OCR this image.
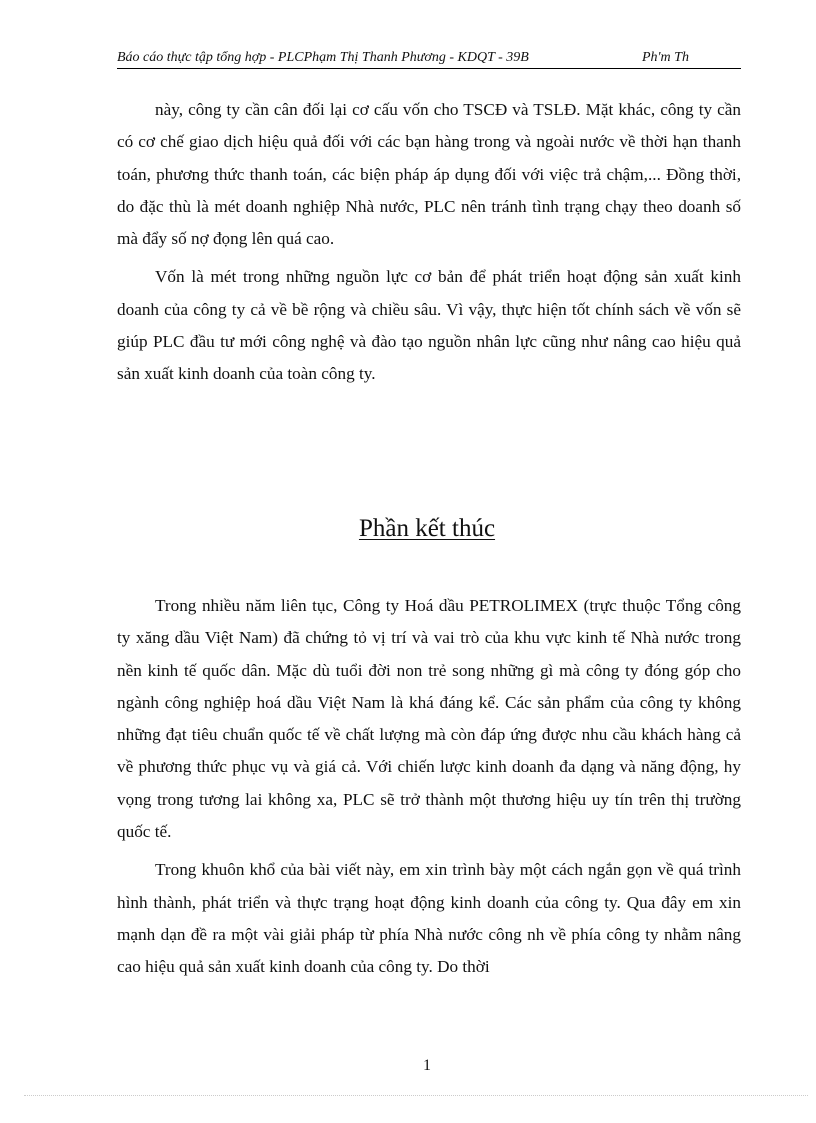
Báo cáo thực tập tổng hợp - PLCPhạm Thị Thanh Phương - KDQT - 39B	Ph'm Th

này, công ty cần cân đối lại cơ cấu vốn cho TSCĐ và TSLĐ. Mặt khác, công ty cần có cơ chế giao dịch hiệu quả đối với các bạn hàng trong và ngoài nước về thời hạn thanh toán, phương thức thanh toán, các biện pháp áp dụng đối với việc trả chậm,... Đồng thời, do đặc thù là mét doanh nghiệp Nhà nước, PLC nên tránh tình trạng chạy theo doanh số mà đẩy số nợ đọng lên quá cao.

Vốn là mét trong những nguồn lực cơ bản để phát triển hoạt động sản xuất kinh doanh của công ty cả về bề rộng và chiều sâu. Vì vậy, thực hiện tốt chính sách về vốn sẽ giúp PLC đầu tư mới công nghệ và đào tạo nguồn nhân lực cũng như nâng cao hiệu quả sản xuất kinh doanh của toàn công ty.

Phần kết thúc

Trong nhiều năm liên tục, Công ty Hoá dầu PETROLIMEX (trực thuộc Tổng công ty xăng dầu Việt Nam) đã chứng tỏ vị trí và vai trò của khu vực kinh tế Nhà nước trong nền kinh tế quốc dân. Mặc dù tuổi đời non trẻ song những gì mà công ty đóng góp cho ngành công nghiệp hoá dầu Việt Nam là khá đáng kể. Các sản phẩm của công ty không những đạt tiêu chuẩn quốc tế về chất lượng mà còn đáp ứng được nhu cầu khách hàng cả về phương thức phục vụ và giá cả. Với chiến lược kinh doanh đa dạng và năng động, hy vọng trong tương lai không xa, PLC sẽ trở thành một thương hiệu uy tín trên thị trường quốc tế.

Trong khuôn khổ của bài viết này, em xin trình bày một cách ngắn gọn về quá trình hình thành, phát triển và thực trạng hoạt động kinh doanh của công ty. Qua đây em xin mạnh dạn đề ra một vài giải pháp từ phía Nhà nước công nh về phía công ty nhằm nâng cao hiệu quả sản xuất kinh doanh của công ty. Do thời

1
